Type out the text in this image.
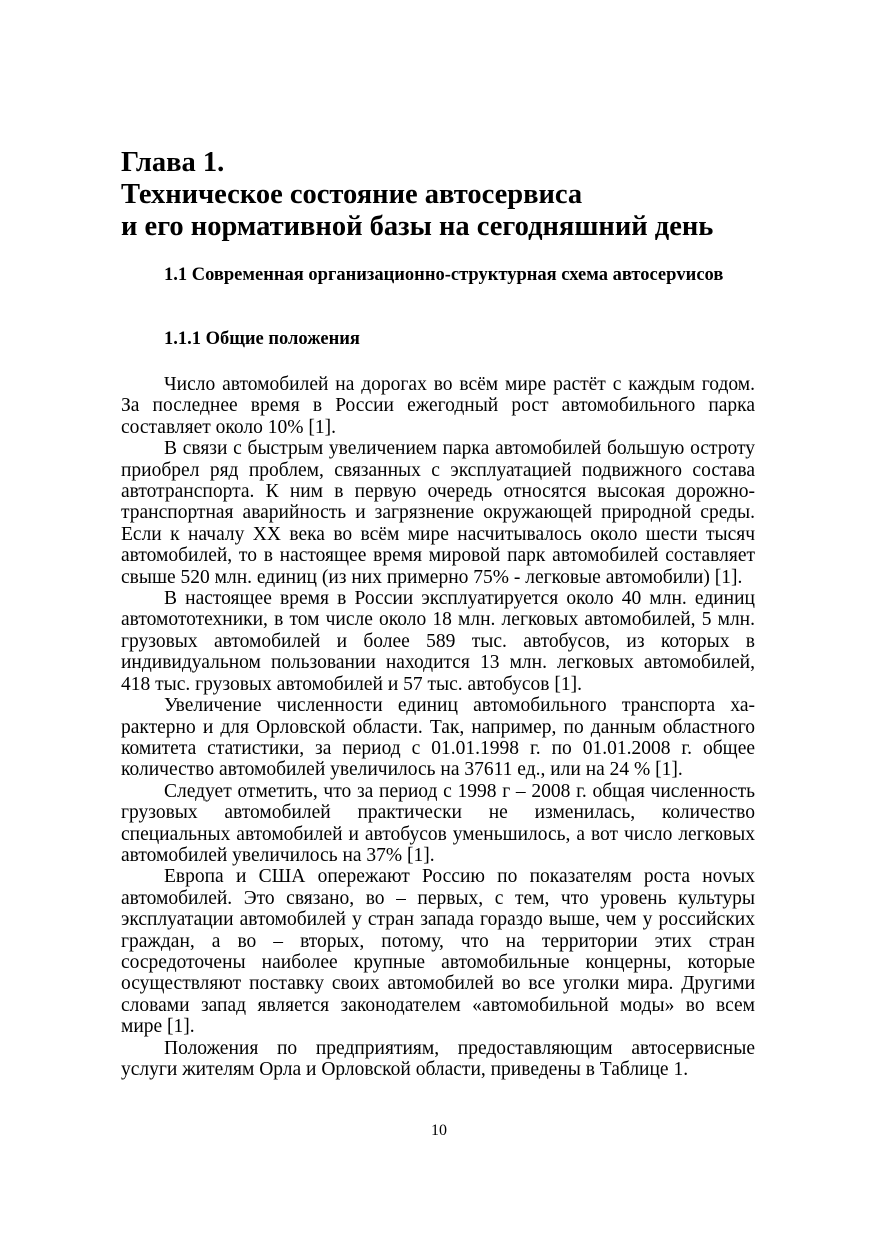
Глава 1.
Техническое состояние автосервиса
и его нормативной базы на сегодняшний день
1.1 Современная организационно-структурная схема автосерvисов
1.1.1 Общие положения

Число автомобилей на дорогах во всём мире растёт с каждым годом. За последнее время в России ежегодный рост автомобильного парка составляет около 10% [1].

В связи с быстрым увеличением парка автомобилей большую остроту приобрел ряд проблем, связанных с эксплуатацией подвижного состава автотранспорта. К ним в первую очередь относятся высокая дорожно-транспортная аварийность и загрязнение окружающей природной среды. Если к началу XX века во всём мире насчитывалось около шести тысяч автомобилей, то в настоящее время мировой парк автомобилей составляет свыше 520 млн. единиц (из них примерно 75% - легковые автомобили) [1].

В настоящее время в России эксплуатируется около 40 млн. единиц автомототехники, в том числе около 18 млн. легковых автомобилей, 5 млн. грузовых автомобилей и более 589 тыс. автобусов, из которых в индивидуальном пользовании находится 13 млн. легковых автомобилей, 418 тыс. грузовых автомобилей и 57 тыс. автобусов [1].

Увеличение численности единиц автомобильного транспорта характерно и для Орловской области. Так, например, по данным областного комитета статистики, за период с 01.01.1998 г. по 01.01.2008 г. общее количество автомобилей увеличилось на 37611 ед., или на 24 % [1].

Следует отметить, что за период с 1998 г – 2008 г. общая численность грузовых автомобилей практически не изменилась, количество специальных автомобилей и автобусов уменьшилось, а вот число легковых автомобилей увеличилось на 37% [1].

Европа и США опережают Россию по показателям роста ноvых автомобилей. Это связано, во – первых, с тем, что уровень культуры эксплуатации автомобилей у стран запада гораздо выше, чем у российских граждан, а во – вторых, потому, что на территории этих стран сосредоточены наиболее крупные автомобильные концерны, которые осуществляют поставку своих автомобилей во все уголки мира. Другими словами запад является законодателем «автомобильной моды» во всем мире [1].

Положения по предприятиям, предоставляющим автосервисные услуги жителям Орла и Орловской области, приведены в Таблице 1.

10
